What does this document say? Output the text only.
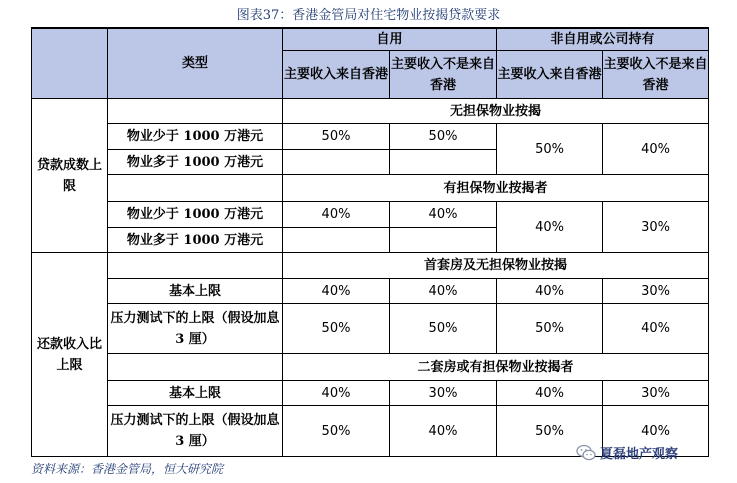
图表37：香港金管局对住宅物业按揭贷款要求
	类型	自用		非自用或公司持有	
		主要收入来自香港	主要收入不是来自香港	主要收入来自香港	主要收入不是来自香港

贷款成数上限		无担保物业按揭			
	物业少于 1000 万港元	50%	50%	50%	40%
	物业多于 1000 万港元				
		有担保物业按揭者			
	物业少于 1000 万港元	40%	40%	40%	30%
	物业多于 1000 万港元				
还款收入比上限		首套房及无担保物业按揭			
	基本上限	40%	40%	40%	30%
	压力测试下的上限（假设加息 3 厘）	50%	50%	50%	40%
		二套房或有担保物业按揭者			
	基本上限	40%	30%	40%	30%
	压力测试下的上限（假设加息 3 厘）	50%	40%	50%	40%
资料来源：香港金管局，恒大研究院
夏磊地产观察
